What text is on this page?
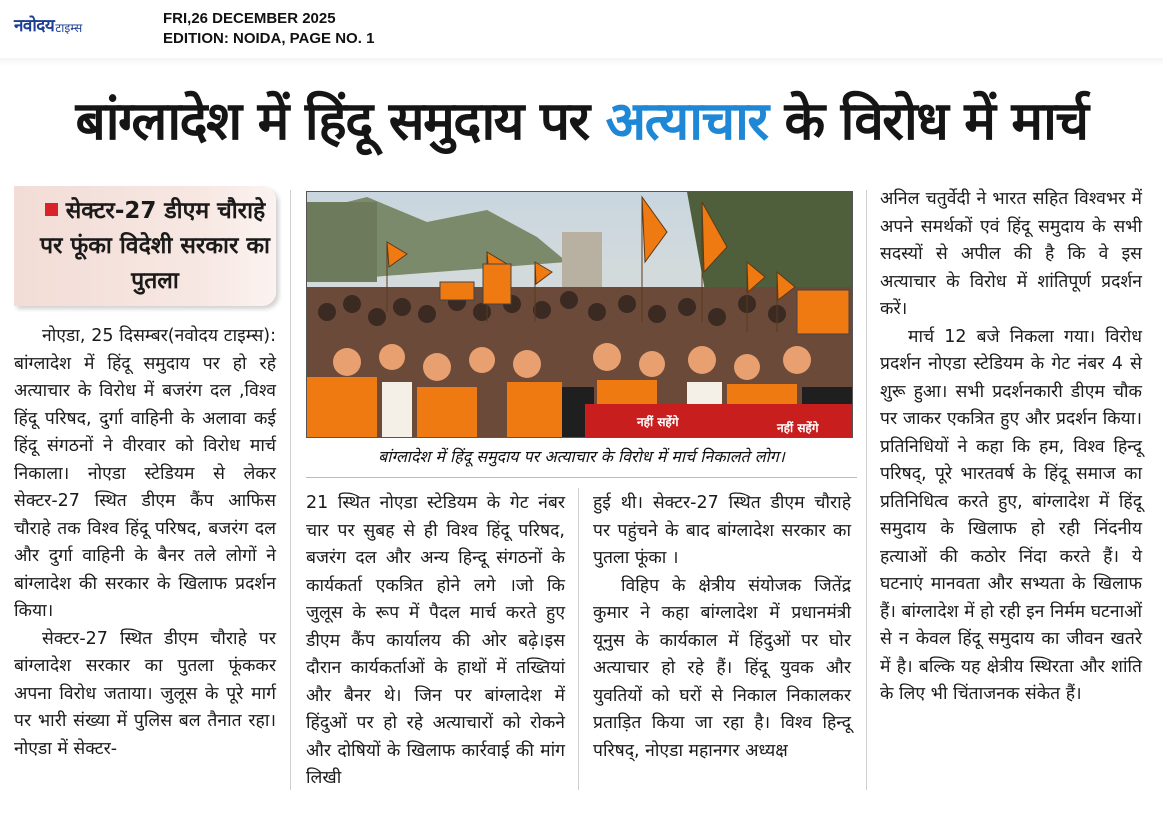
नवोदय टाइम्स
FRI,26 DECEMBER 2025
EDITION: NOIDA, PAGE NO. 1
बांग्लादेश में हिंदू समुदाय पर अत्याचार के विरोध में मार्च
सेक्टर-27 डीएम चौराहे पर फूंका विदेशी सरकार का पुतला
नहीं सहेंगे	नहीं सहेंगे
बांग्लादेश में हिंदू समुदाय पर अत्याचार के विरोध में मार्च निकालते लोग।

नोएडा, 25 दिसम्बर(नवोदय टाइम्स): बांग्लादेश में हिंदू समुदाय पर हो रहे अत्याचार के विरोध में बजरंग दल ,विश्व हिंदू परिषद, दुर्गा वाहिनी के अलावा कई हिंदू संगठनों ने वीरवार को विरोध मार्च निकाला। नोएडा स्टेडियम से लेकर सेक्टर-27 स्थित डीएम कैंप आफिस चौराहे तक विश्व हिंदू परिषद, बजरंग दल और दुर्गा वाहिनी के बैनर तले लोगों ने बांग्लादेश की सरकार के खिलाफ प्रदर्शन किया।

सेक्टर-27 स्थित डीएम चौराहे पर बांग्लादेश सरकार का पुतला फूंककर अपना विरोध जताया। जुलूस के पूरे मार्ग पर भारी संख्या में पुलिस बल तैनात रहा। नोएडा में सेक्टर-

21 स्थित नोएडा स्टेडियम के गेट नंबर चार पर सुबह से ही विश्व हिंदू परिषद, बजरंग दल और अन्य हिन्दू संगठनों के कार्यकर्ता एकत्रित होने लगे ।जो कि जुलूस के रूप में पैदल मार्च करते हुए डीएम कैंप कार्यालय की ओर बढ़े।इस दौरान कार्यकर्ताओं के हाथों में तख्तियां और बैनर थे। जिन पर बांग्लादेश में हिंदुओं पर हो रहे अत्याचारों को रोकने और दोषियों के खिलाफ कार्रवाई की मांग लिखी

हुई थी। सेक्टर-27 स्थित डीएम चौराहे पर पहुंचने के बाद बांग्लादेश सरकार का पुतला फूंका ।

विहिप के क्षेत्रीय संयोजक जितेंद्र कुमार ने कहा बांग्लादेश में प्रधानमंत्री यूनुस के कार्यकाल में हिंदुओं पर घोर अत्याचार हो रहे हैं। हिंदू युवक और युवतियों को घरों से निकाल निकालकर प्रताड़ित किया जा रहा है। विश्व हिन्दू परिषद्, नोएडा महानगर अध्यक्ष

अनिल चतुर्वेदी ने भारत सहित विश्वभर में अपने समर्थकों एवं हिंदू समुदाय के सभी सदस्यों से अपील की है कि वे इस अत्याचार के विरोध में शांतिपूर्ण प्रदर्शन करें।

मार्च 12 बजे निकला गया। विरोध प्रदर्शन नोएडा स्टेडियम के गेट नंबर 4 से शुरू हुआ। सभी प्रदर्शनकारी डीएम चौक पर जाकर एकत्रित हुए और प्रदर्शन किया। प्रतिनिधियों ने कहा कि हम, विश्व हिन्दू परिषद्, पूरे भारतवर्ष के हिंदू समाज का प्रतिनिधित्व करते हुए, बांग्लादेश में हिंदू समुदाय के खिलाफ हो रही निंदनीय हत्याओं की कठोर निंदा करते हैं। ये घटनाएं मानवता और सभ्यता के खिलाफ हैं। बांग्लादेश में हो रही इन निर्मम घटनाओं से न केवल हिंदू समुदाय का जीवन खतरे में है। बल्कि यह क्षेत्रीय स्थिरता और शांति के लिए भी चिंताजनक संकेत हैं।
